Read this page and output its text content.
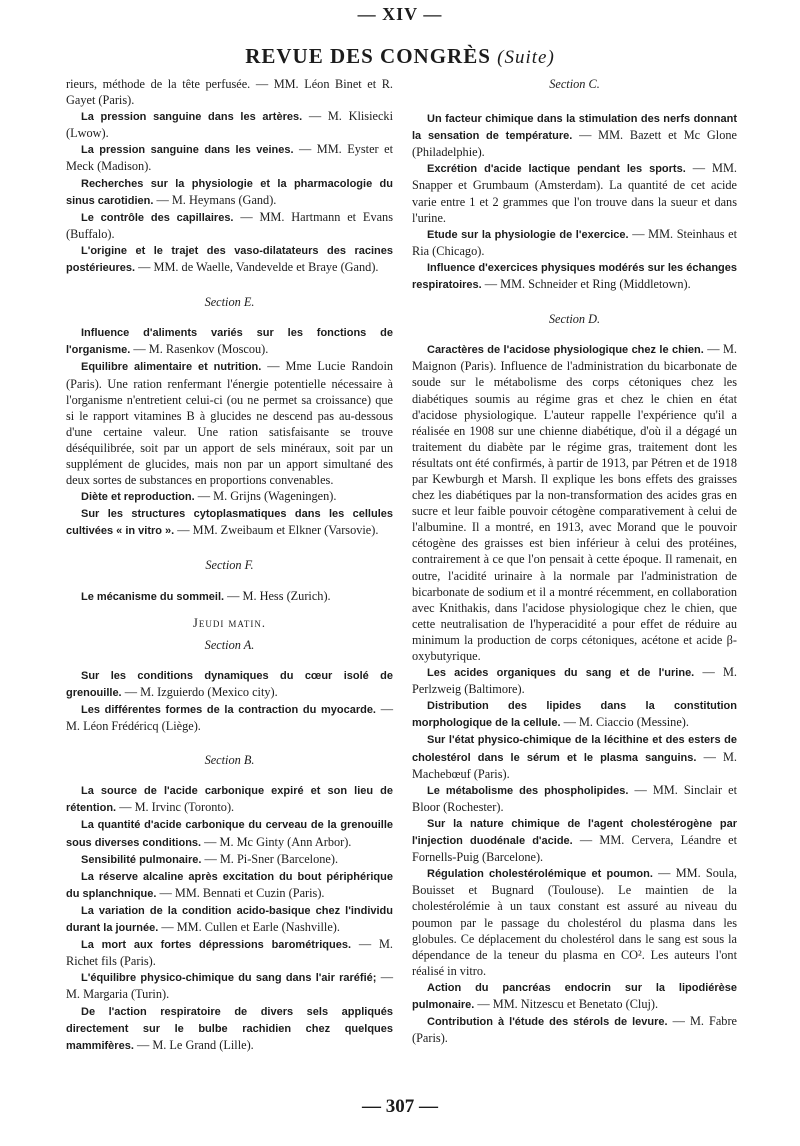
— XIV —
REVUE DES CONGRÈS (Suite)

rieurs, méthode de la tête perfusée. — MM. Léon Binet et R. Gayet (Paris).

La pression sanguine dans les artères. — M. Klisiecki (Lwow).

La pression sanguine dans les veines. — MM. Eyster et Meck (Madison).

Recherches sur la physiologie et la pharmacologie du sinus carotidien. — M. Heymans (Gand).

Le contrôle des capillaires. — MM. Hartmann et Evans (Buffalo).

L'origine et le trajet des vaso-dilatateurs des racines postérieures. — MM. de Waelle, Vandevelde et Braye (Gand).

Section E.

Influence d'aliments variés sur les fonctions de l'organisme. — M. Rasenkov (Moscou).

Equilibre alimentaire et nutrition. — Mme Lucie Randoin (Paris). Une ration renfermant l'énergie potentielle nécessaire à l'organisme n'entretient celui-ci (ou ne permet sa croissance) que si le rapport vitamines B à glucides ne descend pas au-dessous d'une certaine valeur. Une ration satisfaisante se trouve déséquilibrée, soit par un apport de sels minéraux, soit par un supplément de glucides, mais non par un apport simultané des deux sortes de substances en proportions convenables.

Diète et reproduction. — M. Grijns (Wageningen).

Sur les structures cytoplasmatiques dans les cellules cultivées « in vitro ». — MM. Zweibaum et Elkner (Varsovie).

Section F.

Le mécanisme du sommeil. — M. Hess (Zurich).

Jeudi matin.

Section A.

Sur les conditions dynamiques du cœur isolé de grenouille. — M. Izguierdo (Mexico city).

Les différentes formes de la contraction du myocarde. — M. Léon Frédéricq (Liège).

Section B.

La source de l'acide carbonique expiré et son lieu de rétention. — M. Irvinc (Toronto).

La quantité d'acide carbonique du cerveau de la grenouille sous diverses conditions. — M. Mc Ginty (Ann Arbor).

Sensibilité pulmonaire. — M. Pi-Sner (Barcelone).

La réserve alcaline après excitation du bout périphérique du splanchnique. — MM. Bennati et Cuzin (Paris).

La variation de la condition acido-basique chez l'individu durant la journée. — MM. Cullen et Earle (Nashville).

La mort aux fortes dépressions barométriques. — M. Richet fils (Paris).

L'équilibre physico-chimique du sang dans l'air raréfié; — M. Margaria (Turin).

De l'action respiratoire de divers sels appliqués directement sur le bulbe rachidien chez quelques mammifères. — M. Le Grand (Lille).

Section C.

Un facteur chimique dans la stimulation des nerfs donnant la sensation de température. — MM. Bazett et Mc Glone (Philadelphie).

Excrétion d'acide lactique pendant les sports. — MM. Snapper et Grumbaum (Amsterdam). La quantité de cet acide varie entre 1 et 2 grammes que l'on trouve dans la sueur et dans l'urine.

Etude sur la physiologie de l'exercice. — MM. Steinhaus et Ria (Chicago).

Influence d'exercices physiques modérés sur les échanges respiratoires. — MM. Schneider et Ring (Middletown).

Section D.

Caractères de l'acidose physiologique chez le chien. — M. Maignon (Paris). Influence de l'administration du bicarbonate de soude sur le métabolisme des corps cétoniques chez les diabétiques soumis au régime gras et chez le chien en état d'acidose physiologique. L'auteur rappelle l'expérience qu'il a réalisée en 1908 sur une chienne diabétique, d'où il a dégagé un traitement du diabète par le régime gras, traitement dont les résultats ont été confirmés, à partir de 1913, par Pétren et de 1918 par Kewburgh et Marsh. Il explique les bons effets des graisses chez les diabétiques par la non-transformation des acides gras en sucre et leur faible pouvoir cétogène comparativement à celui de l'albumine. Il a montré, en 1913, avec Morand que le pouvoir cétogène des graisses est bien inférieur à celui des protéines, contrairement à ce que l'on pensait à cette époque. Il ramenait, en outre, l'acidité urinaire à la normale par l'administration de bicarbonate de sodium et il a montré récemment, en collaboration avec Knithakis, dans l'acidose physiologique chez le chien, que cette neutralisation de l'hyperacidité a pour effet de réduire au minimum la production de corps cétoniques, acétone et acide β-oxybutyrique.

Les acides organiques du sang et de l'urine. — M. Perlzweig (Baltimore).

Distribution des lipides dans la constitution morphologique de la cellule. — M. Ciaccio (Messine).

Sur l'état physico-chimique de la lécithine et des esters de cholestérol dans le sérum et le plasma sanguins. — M. Machebœuf (Paris).

Le métabolisme des phospholipides. — MM. Sinclair et Bloor (Rochester).

Sur la nature chimique de l'agent cholestérogène par l'injection duodénale d'acide. — MM. Cervera, Léandre et Fornells-Puig (Barcelone).

Régulation cholestérolémique et poumon. — MM. Soula, Bouisset et Bugnard (Toulouse). Le maintien de la cholestérolémie à un taux constant est assuré au niveau du poumon par le passage du cholestérol du plasma dans les globules. Ce déplacement du cholestérol dans le sang est sous la dépendance de la teneur du plasma en CO². Les auteurs l'ont réalisé in vitro.

Action du pancréas endocrin sur la lipodiérèse pulmonaire. — MM. Nitzescu et Benetato (Cluj).

Contribution à l'étude des stérols de levure. — M. Fabre (Paris).

— 307 —
